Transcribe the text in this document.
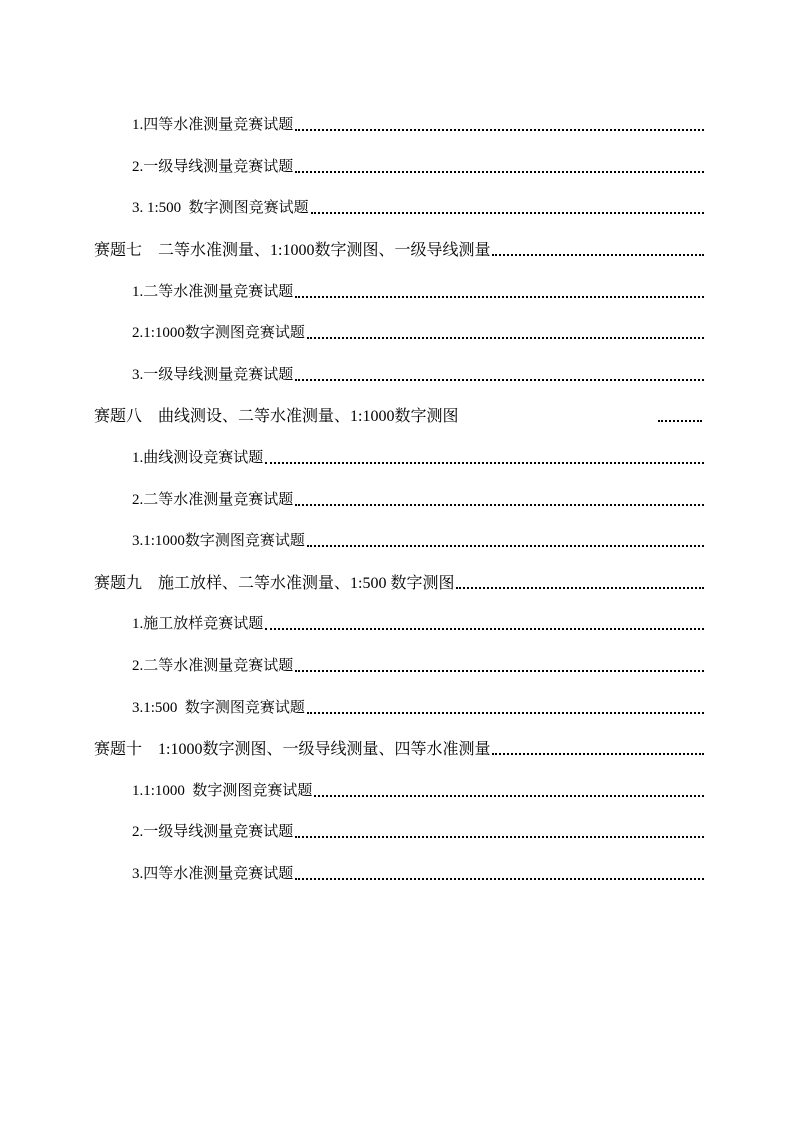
1.四等水准测量竞赛试题
2.一级导线测量竞赛试题
3. 1:500  数字测图竞赛试题
赛题七    二等水准测量、1:1000数字测图、一级导线测量
1.二等水准测量竞赛试题
2.1:1000数字测图竞赛试题
3.一级导线测量竞赛试题
赛题八    曲线测设、二等水准测量、1:1000数字测图
1.曲线测设竞赛试题
2.二等水准测量竞赛试题
3.1:1000数字测图竞赛试题
赛题九    施工放样、二等水准测量、1:500 数字测图
1.施工放样竞赛试题
2.二等水准测量竞赛试题
3.1:500  数字测图竞赛试题
赛题十    1:1000数字测图、一级导线测量、四等水准测量
1.1:1000  数字测图竞赛试题
2.一级导线测量竞赛试题
3.四等水准测量竞赛试题
